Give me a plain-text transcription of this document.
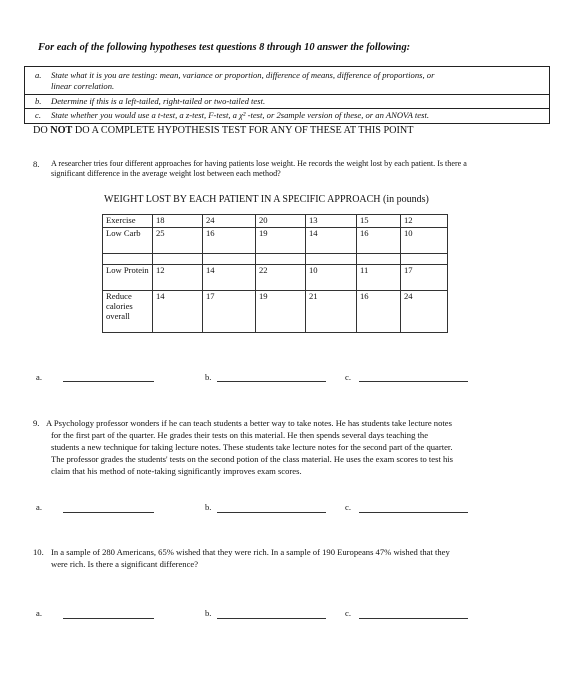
For each of the following hypotheses test questions 8 through 10 answer the following:
a. State what it is you are testing: mean, variance or proportion, difference of means, difference of proportions, or
linear correlation.
b. Determine if this is a left-tailed, right-tailed or two-tailed test.
c. State whether you would use a t-test, a z-test, F-test, a χ² -test, or 2sample version of these, or an ANOVA test.
DO NOT DO A COMPLETE HYPOTHESIS TEST FOR ANY OF THESE AT THIS POINT
8. A researcher tries four different approaches for having patients lose weight. He records the weight lost by each patient. Is there a
significant difference in the average weight lost between each method?
WEIGHT LOST BY EACH PATIENT IN A SPECIFIC APPROACH (in pounds)
Exercise	18	24	20	13	15	12
Low Carb	25	16	19	14	16	10

Low Protein	12	14	22	10	11	17
Reduce calories overall	14	17	19	21	16	24
a.	b.	c.
9. A Psychology professor wonders if he can teach students a better way to take notes. He has students take lecture notes
for the first part of the quarter. He grades their tests on this material. He then spends several days teaching the
students a new technique for taking lecture notes. These students take lecture notes for the second part of the quarter.
The professor grades the students' tests on the second potion of the class material. He uses the exam scores to test his
claim that his method of note-taking significantly improves exam scores.
a.	b.	c.
10. In a sample of 280 Americans, 65% wished that they were rich. In a sample of 190 Europeans 47% wished that they
were rich. Is there a significant difference?
a.	b.	c.
